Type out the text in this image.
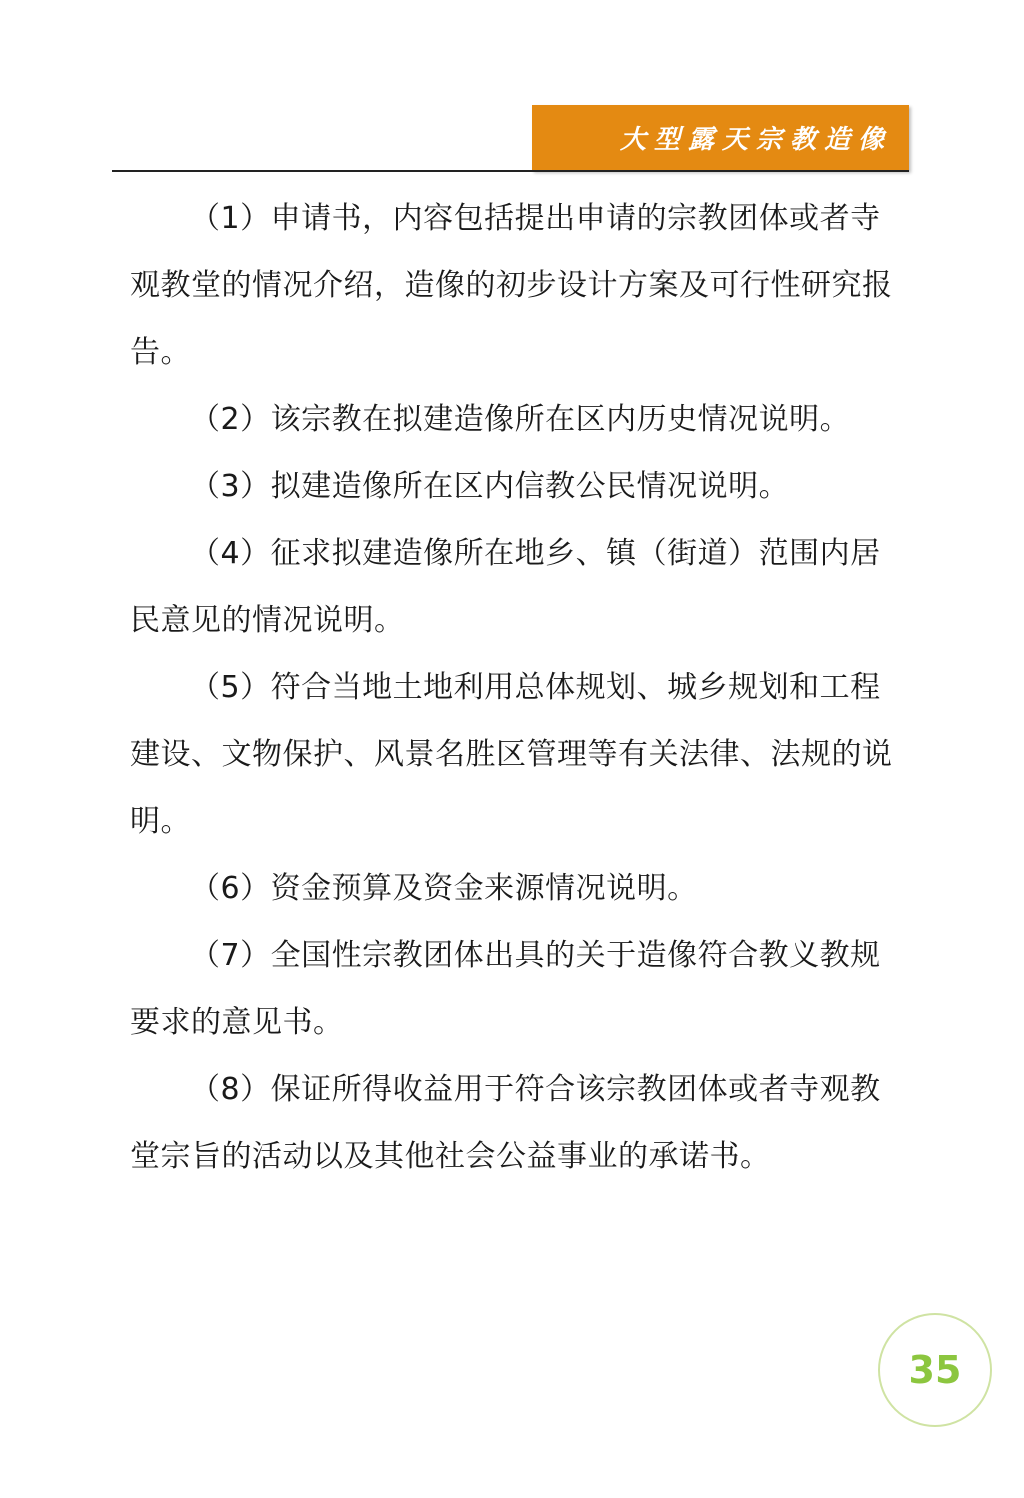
大型露天宗教造像

（1）申请书，内容包括提出申请的宗教团体或者寺观教堂的情况介绍，造像的初步设计方案及可行性研究报告。

（2）该宗教在拟建造像所在区内历史情况说明。

（3）拟建造像所在区内信教公民情况说明。

（4）征求拟建造像所在地乡、镇（街道）范围内居民意见的情况说明。

（5）符合当地土地利用总体规划、城乡规划和工程建设、文物保护、风景名胜区管理等有关法律、法规的说明。

（6）资金预算及资金来源情况说明。

（7）全国性宗教团体出具的关于造像符合教义教规要求的意见书。

（8）保证所得收益用于符合该宗教团体或者寺观教堂宗旨的活动以及其他社会公益事业的承诺书。

35
